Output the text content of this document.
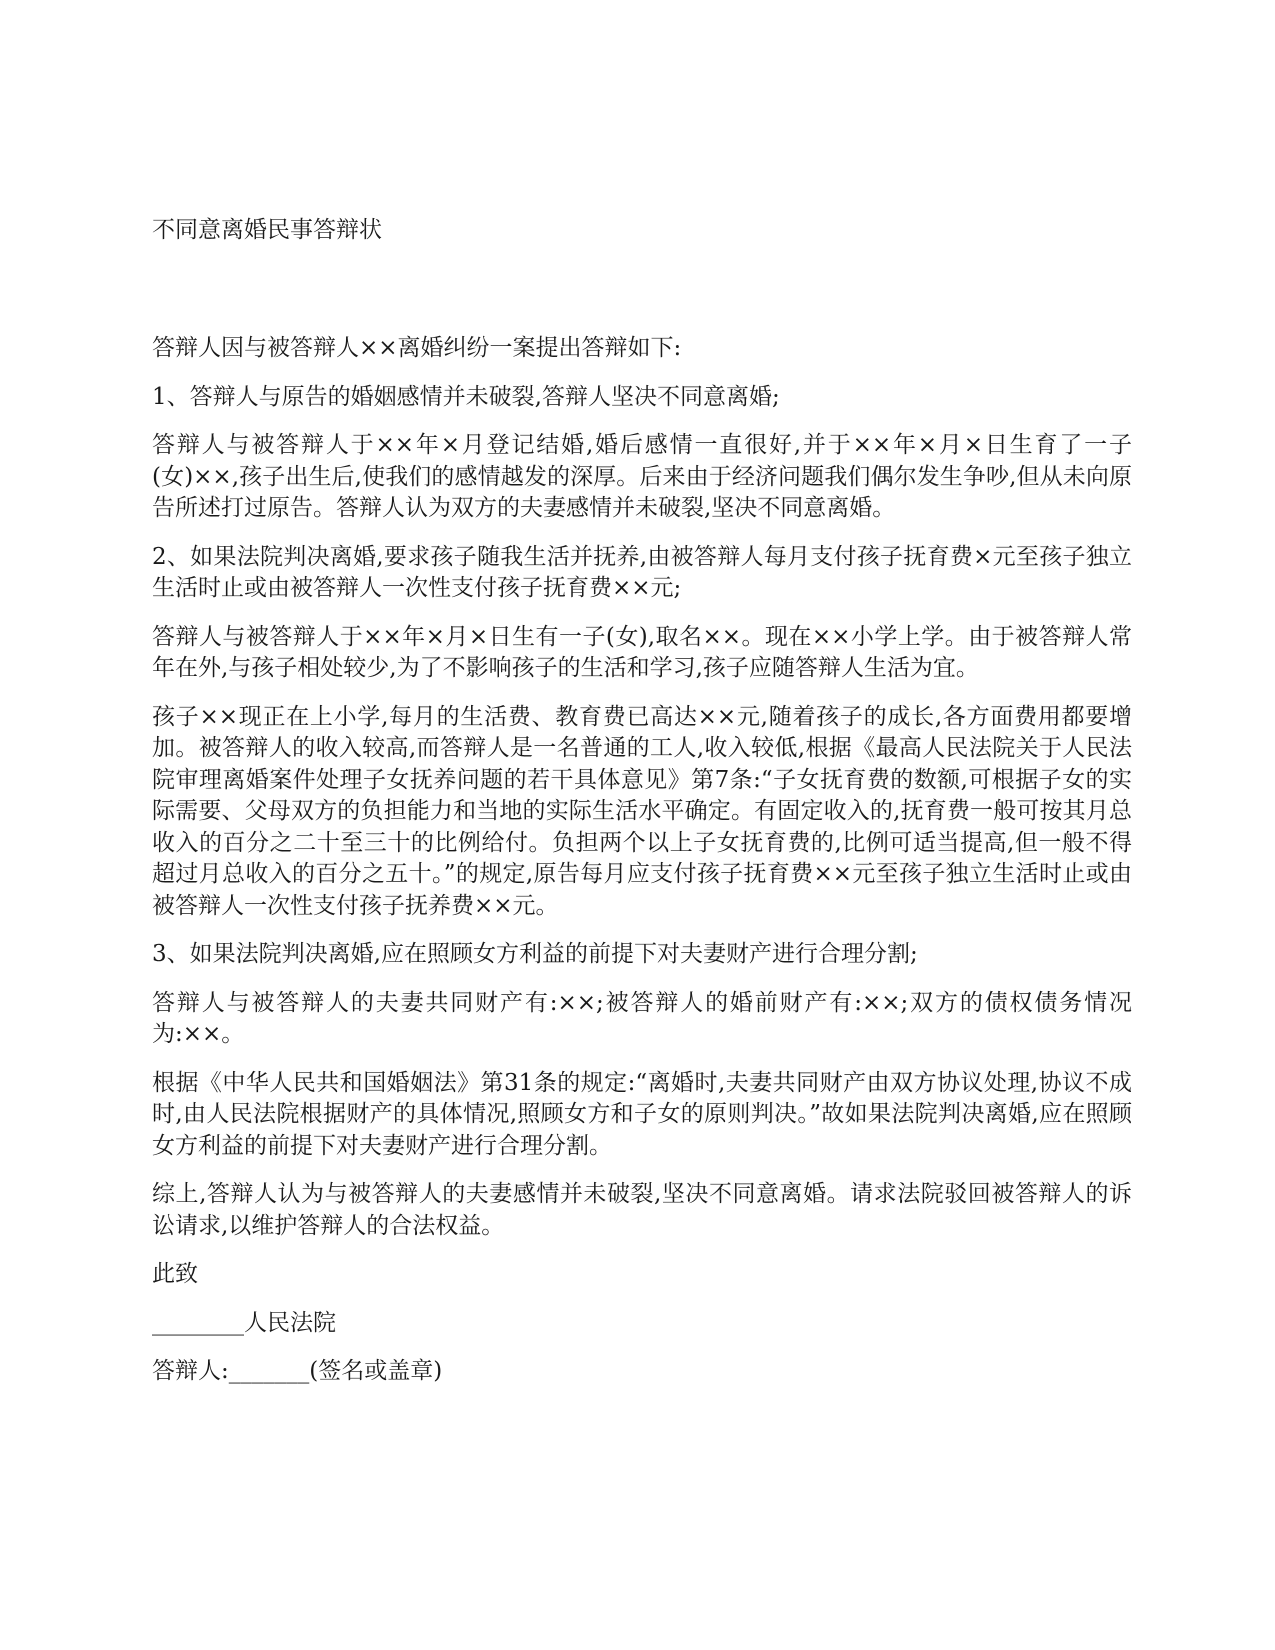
不同意离婚民事答辩状

答辩人因与被答辩人××离婚纠纷一案提出答辩如下:

1、答辩人与原告的婚姻感情并未破裂,答辩人坚决不同意离婚;

答辩人与被答辩人于××年×月登记结婚,婚后感情一直很好,并于××年×月×日生育了一子(女)××,孩子出生后,使我们的感情越发的深厚。后来由于经济问题我们偶尔发生争吵,但从未向原告所述打过原告。答辩人认为双方的夫妻感情并未破裂,坚决不同意离婚。

2、如果法院判决离婚,要求孩子随我生活并抚养,由被答辩人每月支付孩子抚育费×元至孩子独立生活时止或由被答辩人一次性支付孩子抚育费××元;

答辩人与被答辩人于××年×月×日生有一子(女),取名××。现在××小学上学。由于被答辩人常年在外,与孩子相处较少,为了不影响孩子的生活和学习,孩子应随答辩人生活为宜。

孩子××现正在上小学,每月的生活费、教育费已高达××元,随着孩子的成长,各方面费用都要增加。被答辩人的收入较高,而答辩人是一名普通的工人,收入较低,根据《最高人民法院关于人民法院审理离婚案件处理子女抚养问题的若干具体意见》第7条:“子女抚育费的数额,可根据子女的实际需要、父母双方的负担能力和当地的实际生活水平确定。有固定收入的,抚育费一般可按其月总收入的百分之二十至三十的比例给付。负担两个以上子女抚育费的,比例可适当提高,但一般不得超过月总收入的百分之五十。”的规定,原告每月应支付孩子抚育费××元至孩子独立生活时止或由被答辩人一次性支付孩子抚养费××元。

3、如果法院判决离婚,应在照顾女方利益的前提下对夫妻财产进行合理分割;

答辩人与被答辩人的夫妻共同财产有:××;被答辩人的婚前财产有:××;双方的债权债务情况为:××。

根据《中华人民共和国婚姻法》第31条的规定:“离婚时,夫妻共同财产由双方协议处理,协议不成时,由人民法院根据财产的具体情况,照顾女方和子女的原则判决。”故如果法院判决离婚,应在照顾女方利益的前提下对夫妻财产进行合理分割。

综上,答辩人认为与被答辩人的夫妻感情并未破裂,坚决不同意离婚。请求法院驳回被答辩人的诉讼请求,以维护答辩人的合法权益。

此致

________人民法院

答辩人:_______(签名或盖章)
